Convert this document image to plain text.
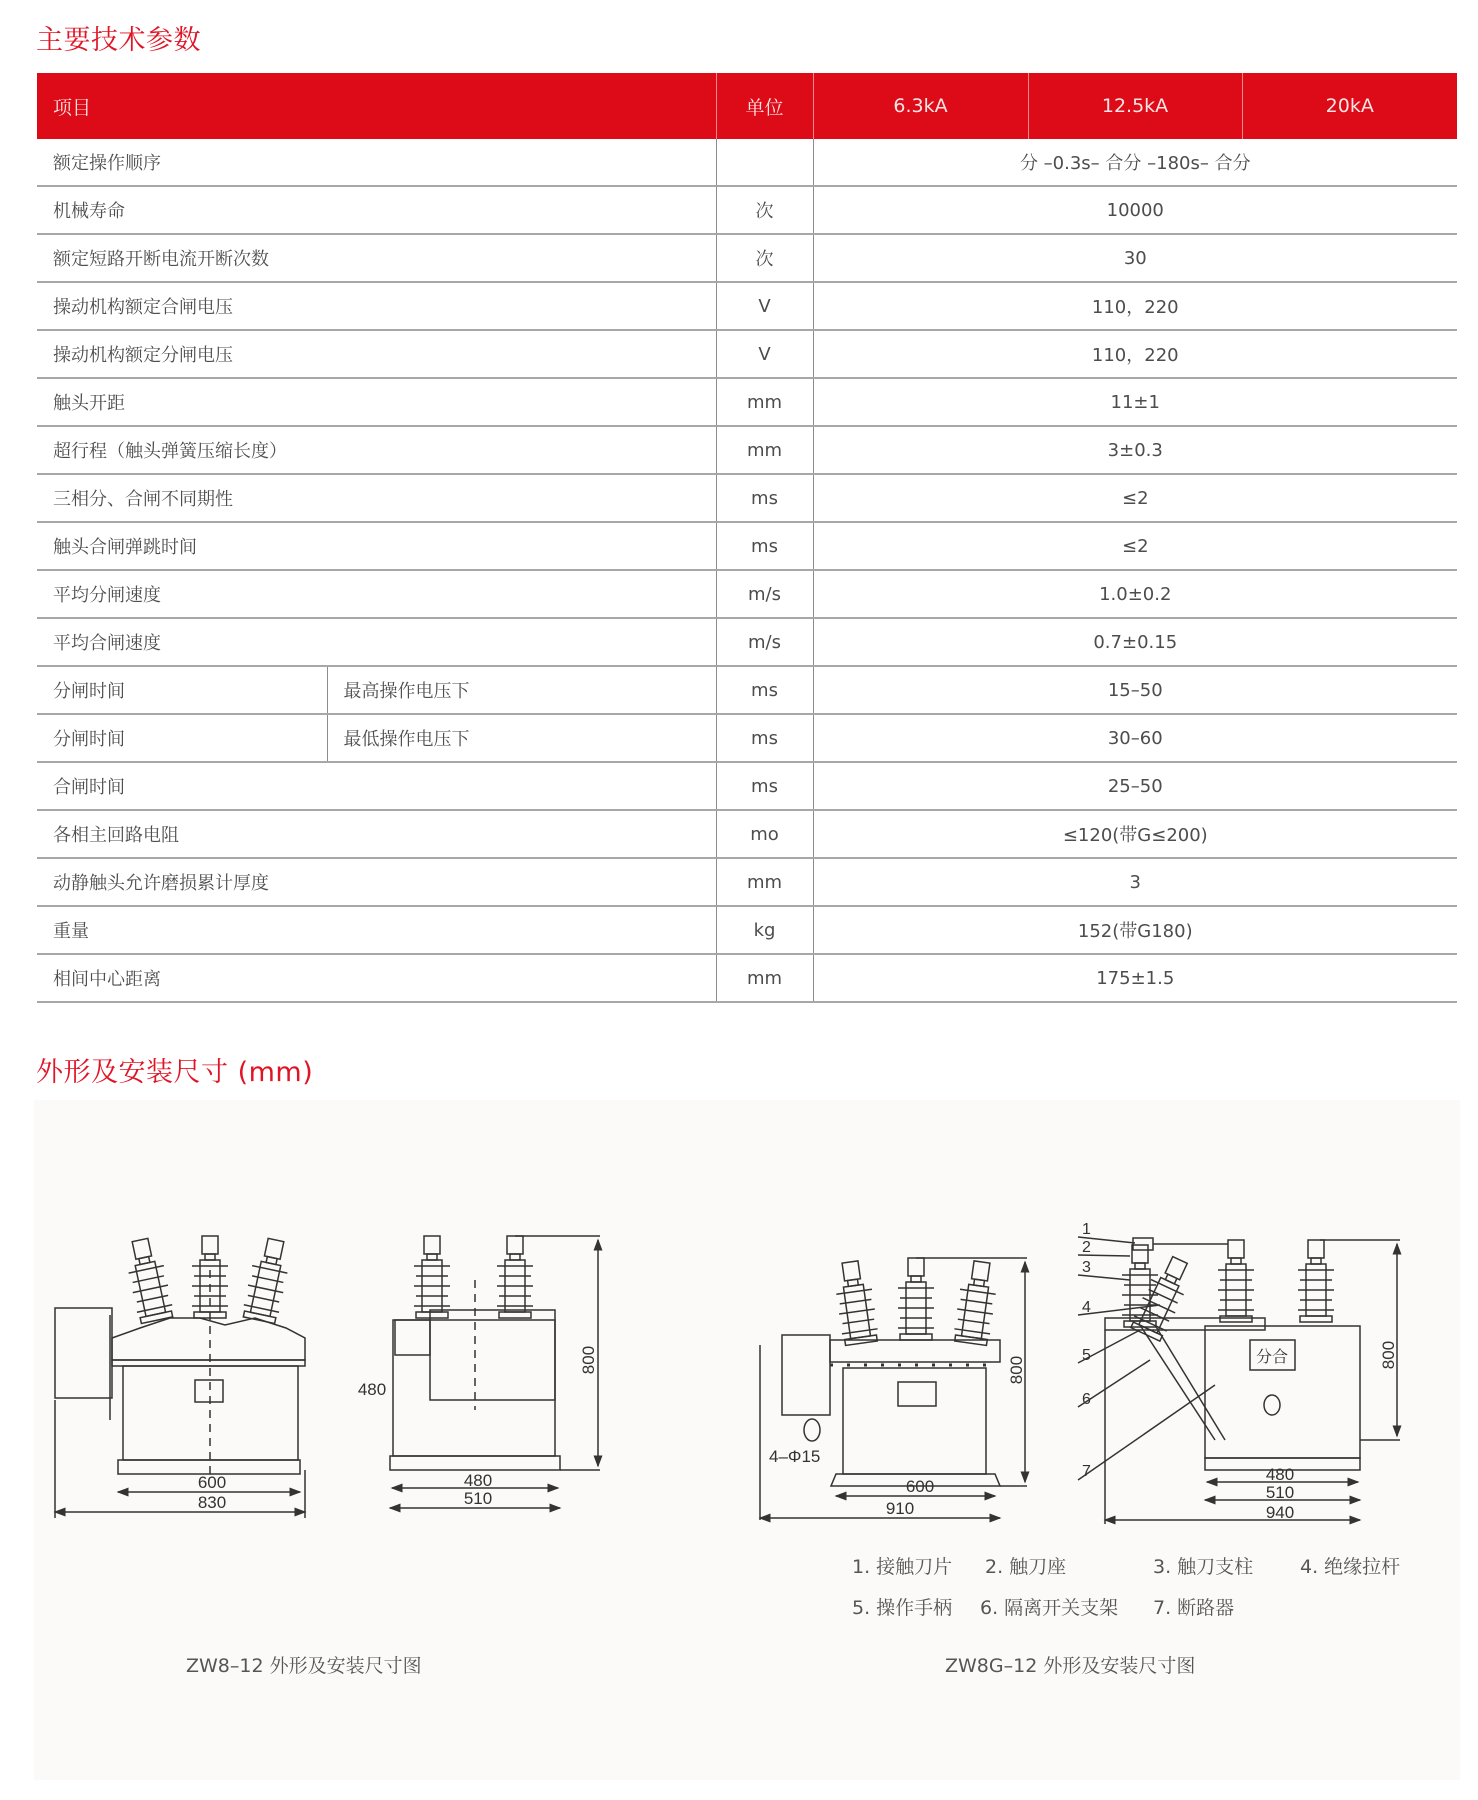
主要技术参数
项目		单位	6.3kA	12.5kA	20kA
额定操作顺序			分 –0.3s– 合分 –180s– 合分		
机械寿命		次	10000		
额定短路开断电流开断次数		次	30		
操动机构额定合闸电压		V	110，220		
操动机构额定分闸电压		V	110，220		
触头开距		mm	11±1		
超行程（触头弹簧压缩长度）		mm	3±0.3		
三相分、合闸不同期性		ms	≤2		
触头合闸弹跳时间		ms	≤2		
平均分闸速度		m/s	1.0±0.2		
平均合闸速度		m/s	0.7±0.15		
分闸时间	最高操作电压下	ms	15–50		
分闸时间	最低操作电压下	ms	30–60		
合闸时间		ms	25–50		
各相主回路电阻		mo	≤120(带G≤200)		
动静触头允许磨损累计厚度		mm	3		
重量		kg	152(带G180)		
相间中心距离		mm	175±1.5		
外形及安装尺寸 (mm)
600
830
800
480
480
510
800
4–Φ15
600
910
分合	800
480
510
940
1
2
3
4
5
6
7
1. 接触刀片 2. 触刀座	3. 触刀支柱 4. 绝缘拉杆
5. 操作手柄 6. 隔离开关支架 7. 断路器
ZW8–12 外形及安装尺寸图	ZW8G–12 外形及安装尺寸图
